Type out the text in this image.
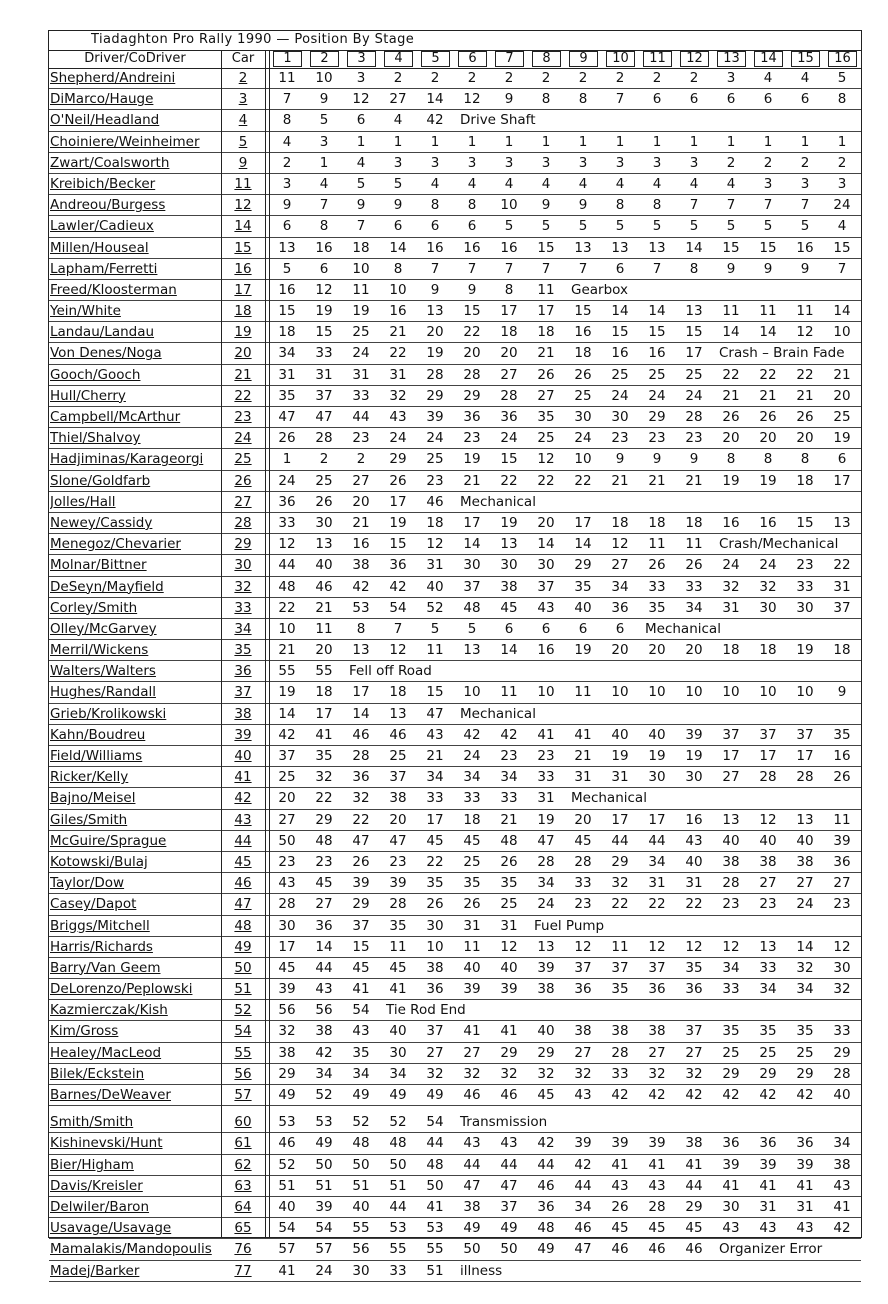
Tiadaghton Pro Rally 1990 — Position By Stage
Driver/CoDriver	Car	1	2	3	4	5	6	7	8	9	10	11	12	13	14	15	16
Shepherd/Andreini	2	11	10	3	2	2	2	2	2	2	2	2	2	3	4	4	5
DiMarco/Hauge	3	7	9	12	27	14	12	9	8	8	7	6	6	6	6	6	8
O'Neil/Headland	4	8	5	6	4	42	Drive Shaft
Choiniere/Weinheimer	5	4	3	1	1	1	1	1	1	1	1	1	1	1	1	1	1
Zwart/Coalsworth	9	2	1	4	3	3	3	3	3	3	3	3	3	2	2	2	2
Kreibich/Becker	11	3	4	5	5	4	4	4	4	4	4	4	4	4	3	3	3
Andreou/Burgess	12	9	7	9	9	8	8	10	9	9	8	8	7	7	7	7	24
Lawler/Cadieux	14	6	8	7	6	6	6	5	5	5	5	5	5	5	5	5	4
Millen/Houseal	15	13	16	18	14	16	16	16	15	13	13	13	14	15	15	16	15
Lapham/Ferretti	16	5	6	10	8	7	7	7	7	7	6	7	8	9	9	9	7
Freed/Kloosterman	17	16	12	11	10	9	9	8	11	Gearbox
Yein/White	18	15	19	19	16	13	15	17	17	15	14	14	13	11	11	11	14
Landau/Landau	19	18	15	25	21	20	22	18	18	16	15	15	15	14	14	12	10
Von Denes/Noga	20	34	33	24	22	19	20	20	21	18	16	16	17	Crash – Brain Fade
Gooch/Gooch	21	31	31	31	31	28	28	27	26	26	25	25	25	22	22	22	21
Hull/Cherry	22	35	37	33	32	29	29	28	27	25	24	24	24	21	21	21	20
Campbell/McArthur	23	47	47	44	43	39	36	36	35	30	30	29	28	26	26	26	25
Thiel/Shalvoy	24	26	28	23	24	24	23	24	25	24	23	23	23	20	20	20	19
Hadjiminas/Karageorgi	25	1	2	2	29	25	19	15	12	10	9	9	9	8	8	8	6
Slone/Goldfarb	26	24	25	27	26	23	21	22	22	22	21	21	21	19	19	18	17
Jolles/Hall	27	36	26	20	17	46	Mechanical
Newey/Cassidy	28	33	30	21	19	18	17	19	20	17	18	18	18	16	16	15	13
Menegoz/Chevarier	29	12	13	16	15	12	14	13	14	14	12	11	11	Crash/Mechanical
Molnar/Bittner	30	44	40	38	36	31	30	30	30	29	27	26	26	24	24	23	22
DeSeyn/Mayfield	32	48	46	42	42	40	37	38	37	35	34	33	33	32	32	33	31
Corley/Smith	33	22	21	53	54	52	48	45	43	40	36	35	34	31	30	30	37
Olley/McGarvey	34	10	11	8	7	5	5	6	6	6	6	Mechanical
Merril/Wickens	35	21	20	13	12	11	13	14	16	19	20	20	20	18	18	19	18
Walters/Walters	36	55	55	Fell off Road
Hughes/Randall	37	19	18	17	18	15	10	11	10	11	10	10	10	10	10	10	9
Grieb/Krolikowski	38	14	17	14	13	47	Mechanical
Kahn/Boudreu	39	42	41	46	46	43	42	42	41	41	40	40	39	37	37	37	35
Field/Williams	40	37	35	28	25	21	24	23	23	21	19	19	19	17	17	17	16
Ricker/Kelly	41	25	32	36	37	34	34	34	33	31	31	30	30	27	28	28	26
Bajno/Meisel	42	20	22	32	38	33	33	33	31	Mechanical
Giles/Smith	43	27	29	22	20	17	18	21	19	20	17	17	16	13	12	13	11
McGuire/Sprague	44	50	48	47	47	45	45	48	47	45	44	44	43	40	40	40	39
Kotowski/Bulaj	45	23	23	26	23	22	25	26	28	28	29	34	40	38	38	38	36
Taylor/Dow	46	43	45	39	39	35	35	35	34	33	32	31	31	28	27	27	27
Casey/Dapot	47	28	27	29	28	26	26	25	24	23	22	22	22	23	23	24	23
Briggs/Mitchell	48	30	36	37	35	30	31	31	Fuel Pump
Harris/Richards	49	17	14	15	11	10	11	12	13	12	11	12	12	12	13	14	12
Barry/Van Geem	50	45	44	45	45	38	40	40	39	37	37	37	35	34	33	32	30
DeLorenzo/Peplowski	51	39	43	41	41	36	39	39	38	36	35	36	36	33	34	34	32
Kazmierczak/Kish	52	56	56	54	Tie Rod End
Kim/Gross	54	32	38	43	40	37	41	41	40	38	38	38	37	35	35	35	33
Healey/MacLeod	55	38	42	35	30	27	27	29	29	27	28	27	27	25	25	25	29
Bilek/Eckstein	56	29	34	34	34	32	32	32	32	32	33	32	32	29	29	29	28
Barnes/DeWeaver	57	49	52	49	49	49	46	46	45	43	42	42	42	42	42	42	40
Smith/Smith	60	53	53	52	52	54	Transmission
Kishinevski/Hunt	61	46	49	48	48	44	43	43	42	39	39	39	38	36	36	36	34
Bier/Higham	62	52	50	50	50	48	44	44	44	42	41	41	41	39	39	39	38
Davis/Kreisler	63	51	51	51	51	50	47	47	46	44	43	43	44	41	41	41	43
Delwiler/Baron	64	40	39	40	44	41	38	37	36	34	26	28	29	30	31	31	41
Usavage/Usavage	65	54	54	55	53	53	49	49	48	46	45	45	45	43	43	43	42
Mamalakis/Mandopoulis	76	57	57	56	55	55	50	50	49	47	46	46	46	Organizer Error
Madej/Barker	77	41	24	30	33	51	illness
